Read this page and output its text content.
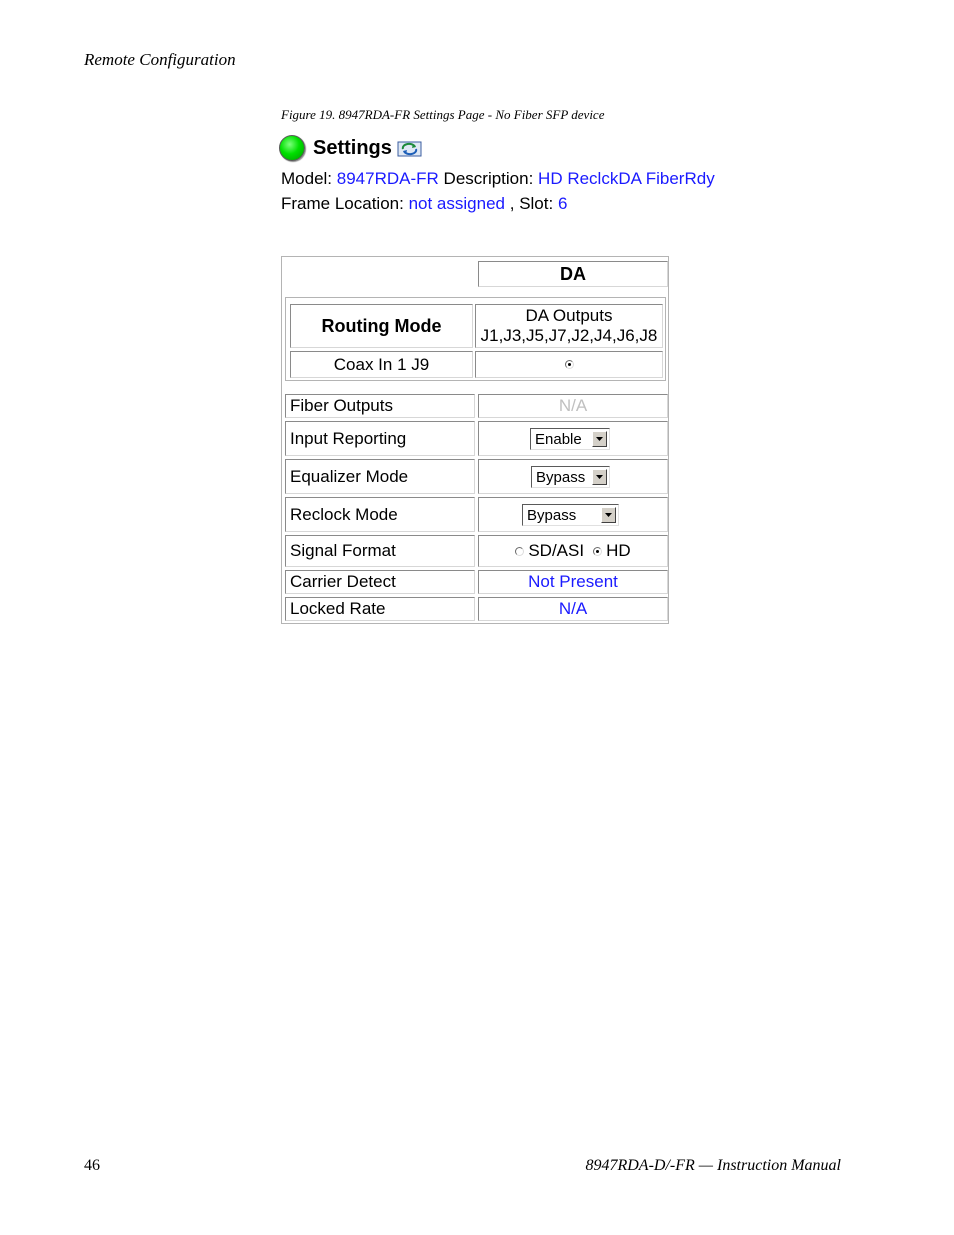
Remote Configuration
Figure 19. 8947RDA-FR Settings Page - No Fiber SFP device
Settings
Model: 8947RDA-FR Description: HD ReclckDA FiberRdy
Frame Location: not assigned , Slot: 6
DA
Routing Mode	DA Outputs
J1,J3,J5,J7,J2,J4,J6,J8
Coax In 1 J9
Fiber Outputs	N/A
Input Reporting	Enable
Equalizer Mode	Bypass
Reclock Mode	Bypass
Signal Format	SD/ASI HD
Carrier Detect	Not Present
Locked Rate	N/A
46	8947RDA-D/-FR — Instruction Manual
